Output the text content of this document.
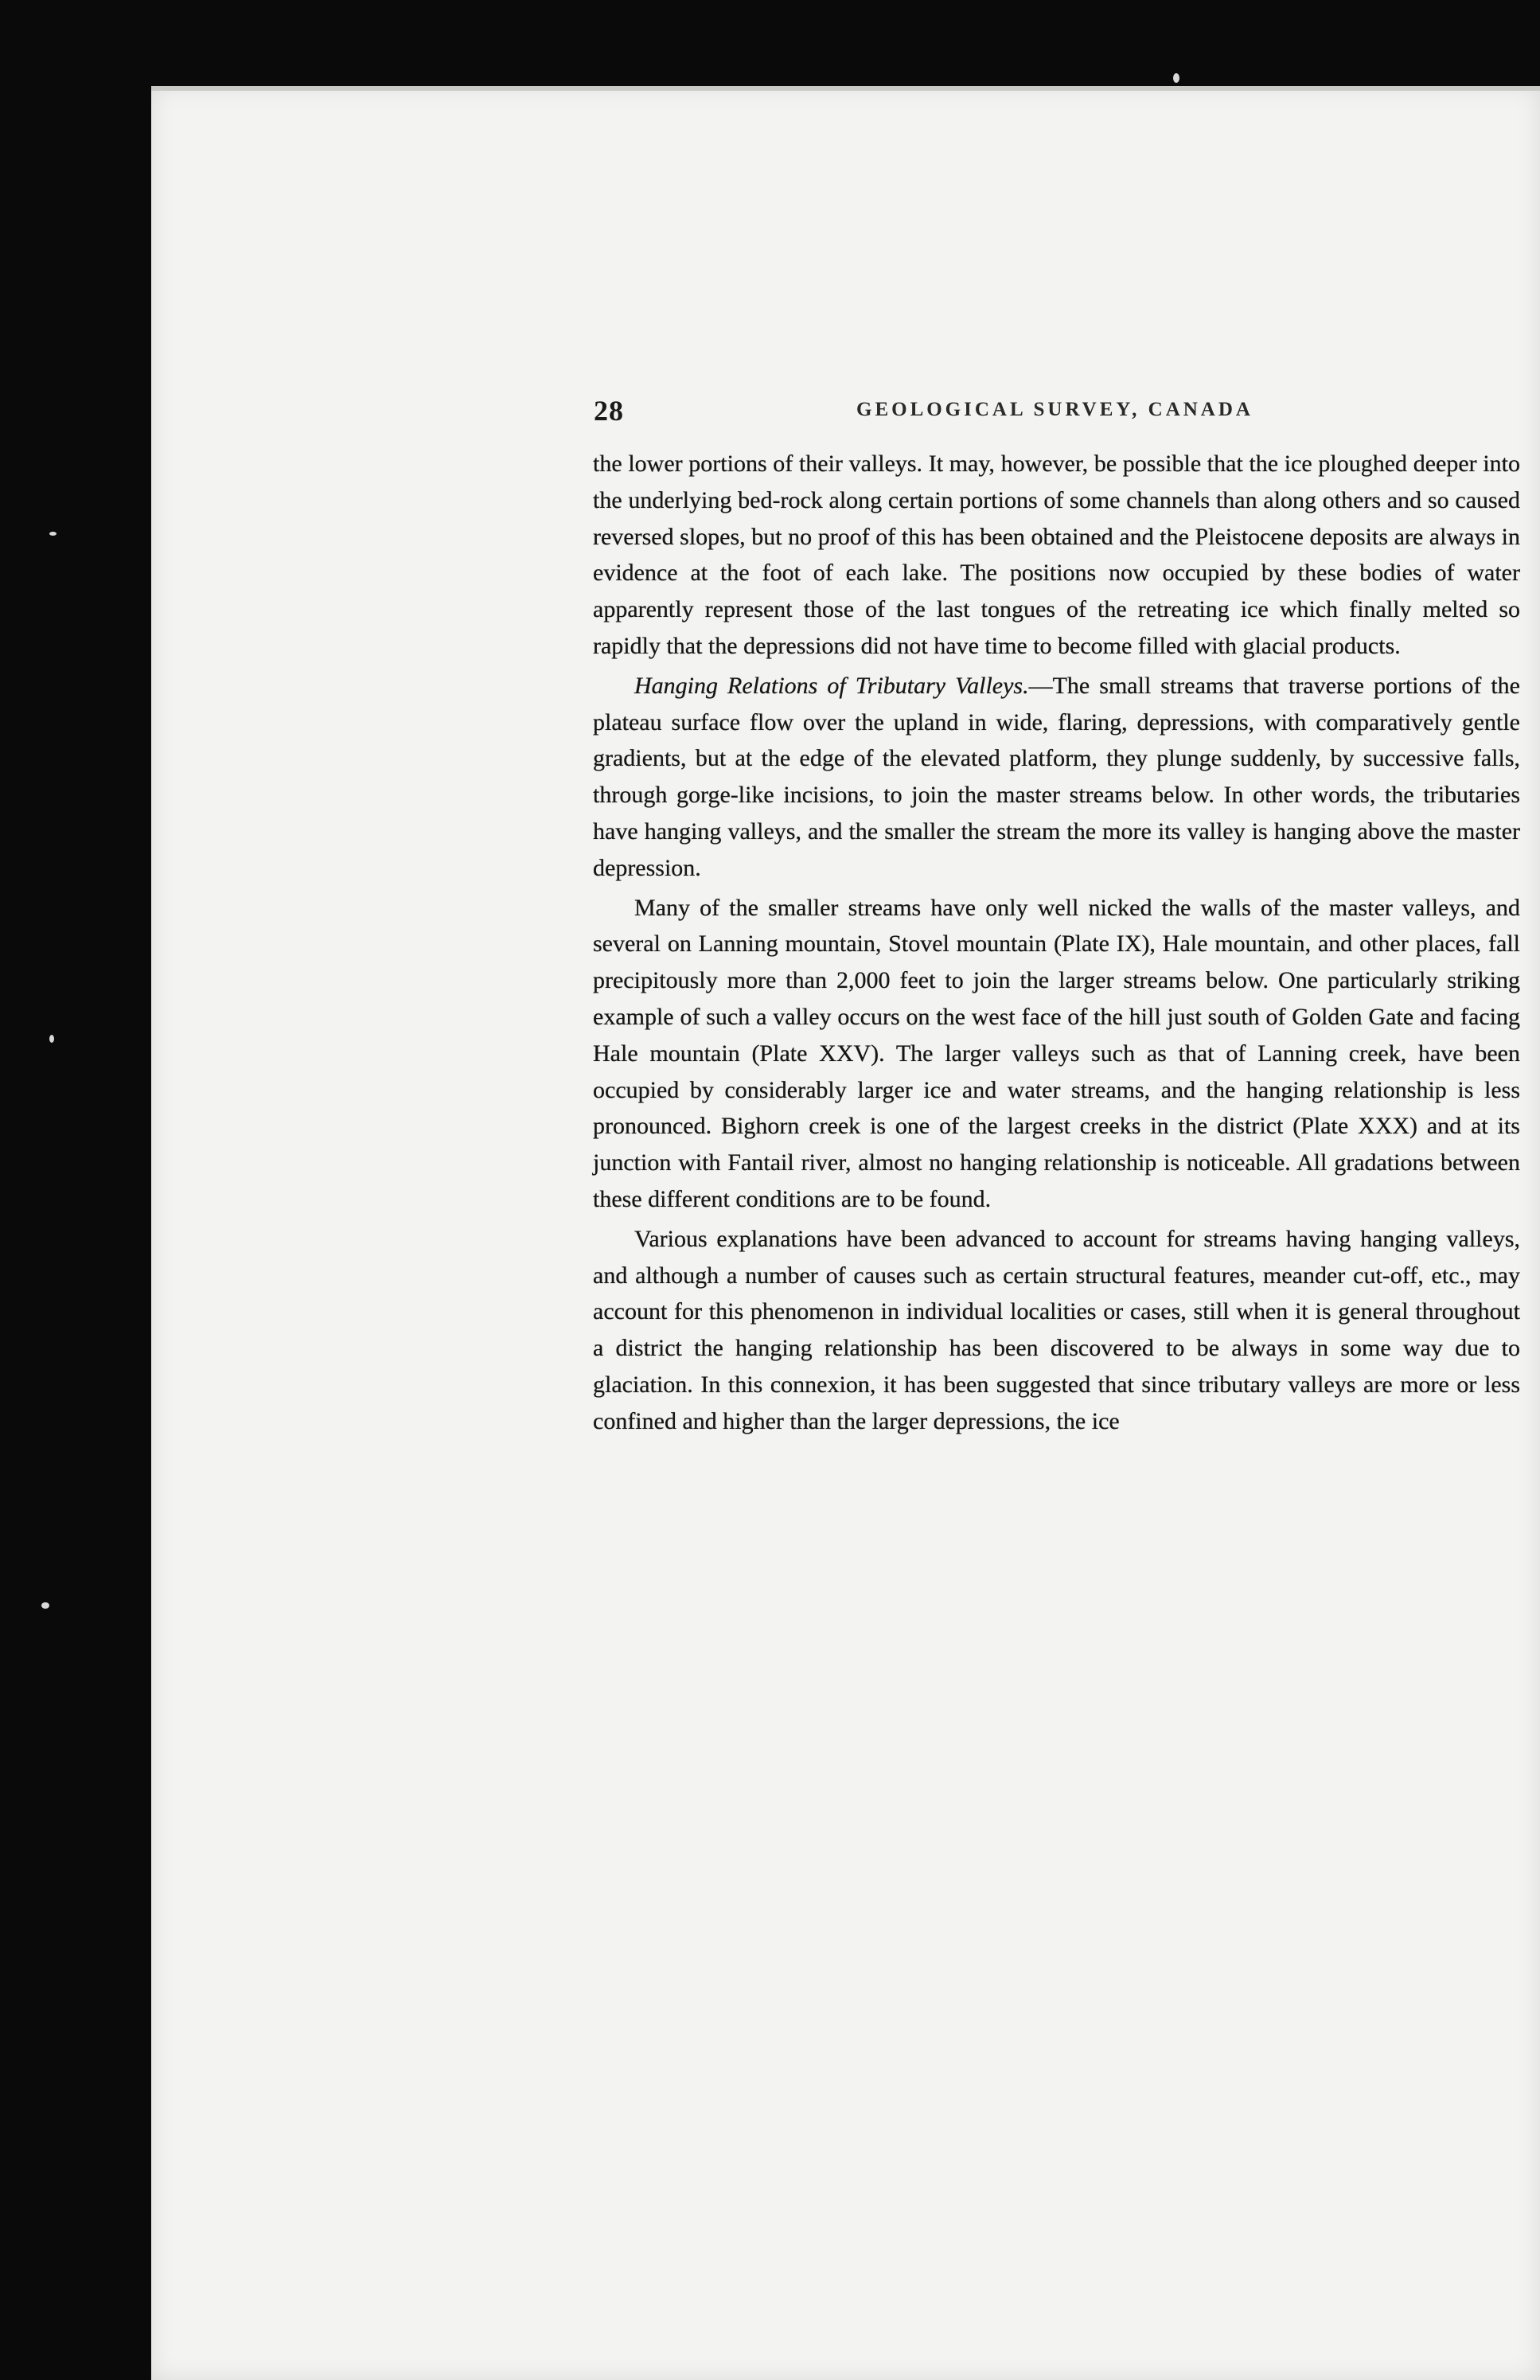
28	GEOLOGICAL SURVEY, CANADA

the lower portions of their valleys. It may, however, be possible that the ice ploughed deeper into the underlying bed-rock along certain portions of some channels than along others and so caused reversed slopes, but no proof of this has been obtained and the Pleistocene deposits are always in evidence at the foot of each lake. The positions now occupied by these bodies of water apparently represent those of the last tongues of the retreating ice which finally melted so rapidly that the depressions did not have time to become filled with glacial products.

Hanging Relations of Tributary Valleys.—The small streams that traverse portions of the plateau surface flow over the upland in wide, flaring, depressions, with comparatively gentle gradients, but at the edge of the elevated platform, they plunge suddenly, by successive falls, through gorge-like incisions, to join the master streams below. In other words, the tributaries have hanging valleys, and the smaller the stream the more its valley is hanging above the master depression.

Many of the smaller streams have only well nicked the walls of the master valleys, and several on Lanning mountain, Stovel mountain (Plate IX), Hale mountain, and other places, fall precipitously more than 2,000 feet to join the larger streams below. One particularly striking example of such a valley occurs on the west face of the hill just south of Golden Gate and facing Hale mountain (Plate XXV). The larger valleys such as that of Lanning creek, have been occupied by considerably larger ice and water streams, and the hanging relationship is less pronounced. Bighorn creek is one of the largest creeks in the district (Plate XXX) and at its junction with Fantail river, almost no hanging relationship is noticeable. All gradations between these different conditions are to be found.

Various explanations have been advanced to account for streams having hanging valleys, and although a number of causes such as certain structural features, meander cut-off, etc., may account for this phenomenon in individual localities or cases, still when it is general throughout a district the hanging relationship has been discovered to be always in some way due to glaciation. In this connexion, it has been suggested that since tributary valleys are more or less confined and higher than the larger depressions, the ice
